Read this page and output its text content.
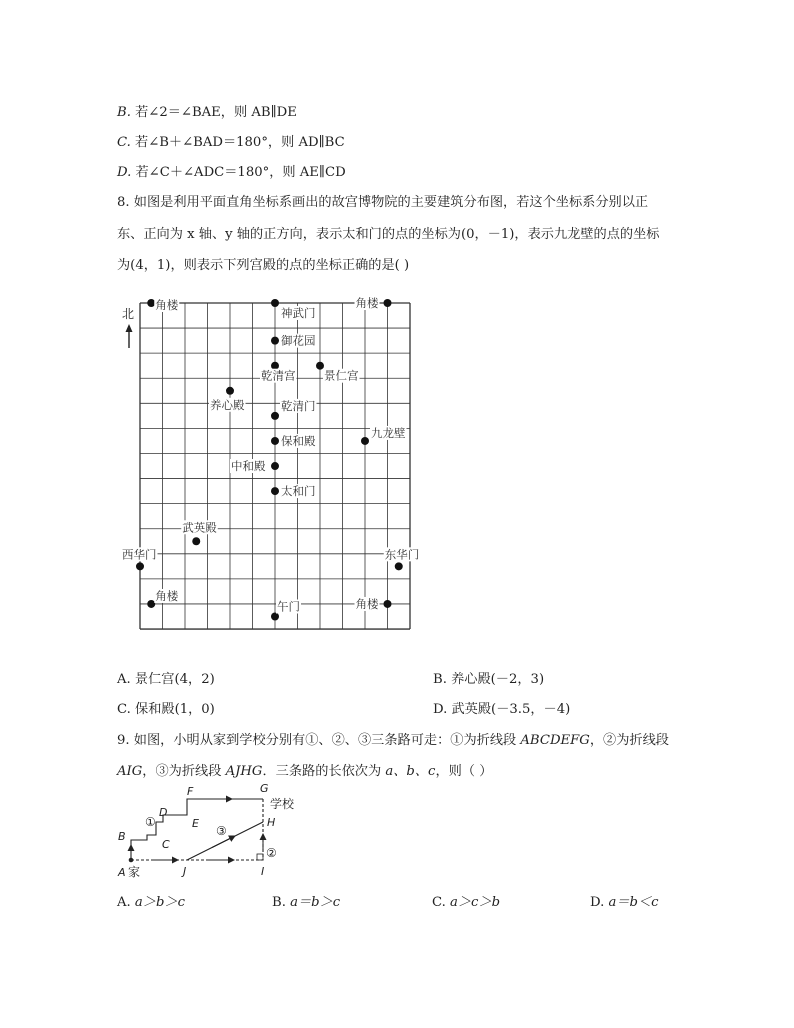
B. 若∠2＝∠BAE，则 AB∥DE
C. 若∠B＋∠BAD＝180°，则 AD∥BC
D. 若∠C＋∠ADC＝180°，则 AE∥CD
8. 如图是利用平面直角坐标系画出的故宫博物院的主要建筑分布图，若这个坐标系分别以正
东、正向为 x 轴、y 轴的正方向，表示太和门的点的坐标为(0，－1)，表示九龙壁的点的坐标
为(4，1)，则表示下列宫殿的点的坐标正确的是( )
北
角楼
神武门
角楼
御花园
乾清宫 景仁宫
养心殿	乾清门
保和殿
九龙壁
中和殿
太和门
武英殿
西华门	东华门
角楼
午门	角楼
A. 景仁宫(4，2)	B. 养心殿(－2，3)
C. 保和殿(1，0)	D. 武英殿(－3.5，－4)
9. 如图，小明从家到学校分别有①、②、③三条路可走：①为折线段 ABCDEFG，②为折线段
AIG，③为折线段 AJHG．三条路的长依次为 a、b、c，则（ ）
A
B
C
D
E
F	G
H
I
J
家
学校
①
②
③
A. a＞b＞c	B. a＝b＞c	C. a＞c＞b	D. a＝b＜c
